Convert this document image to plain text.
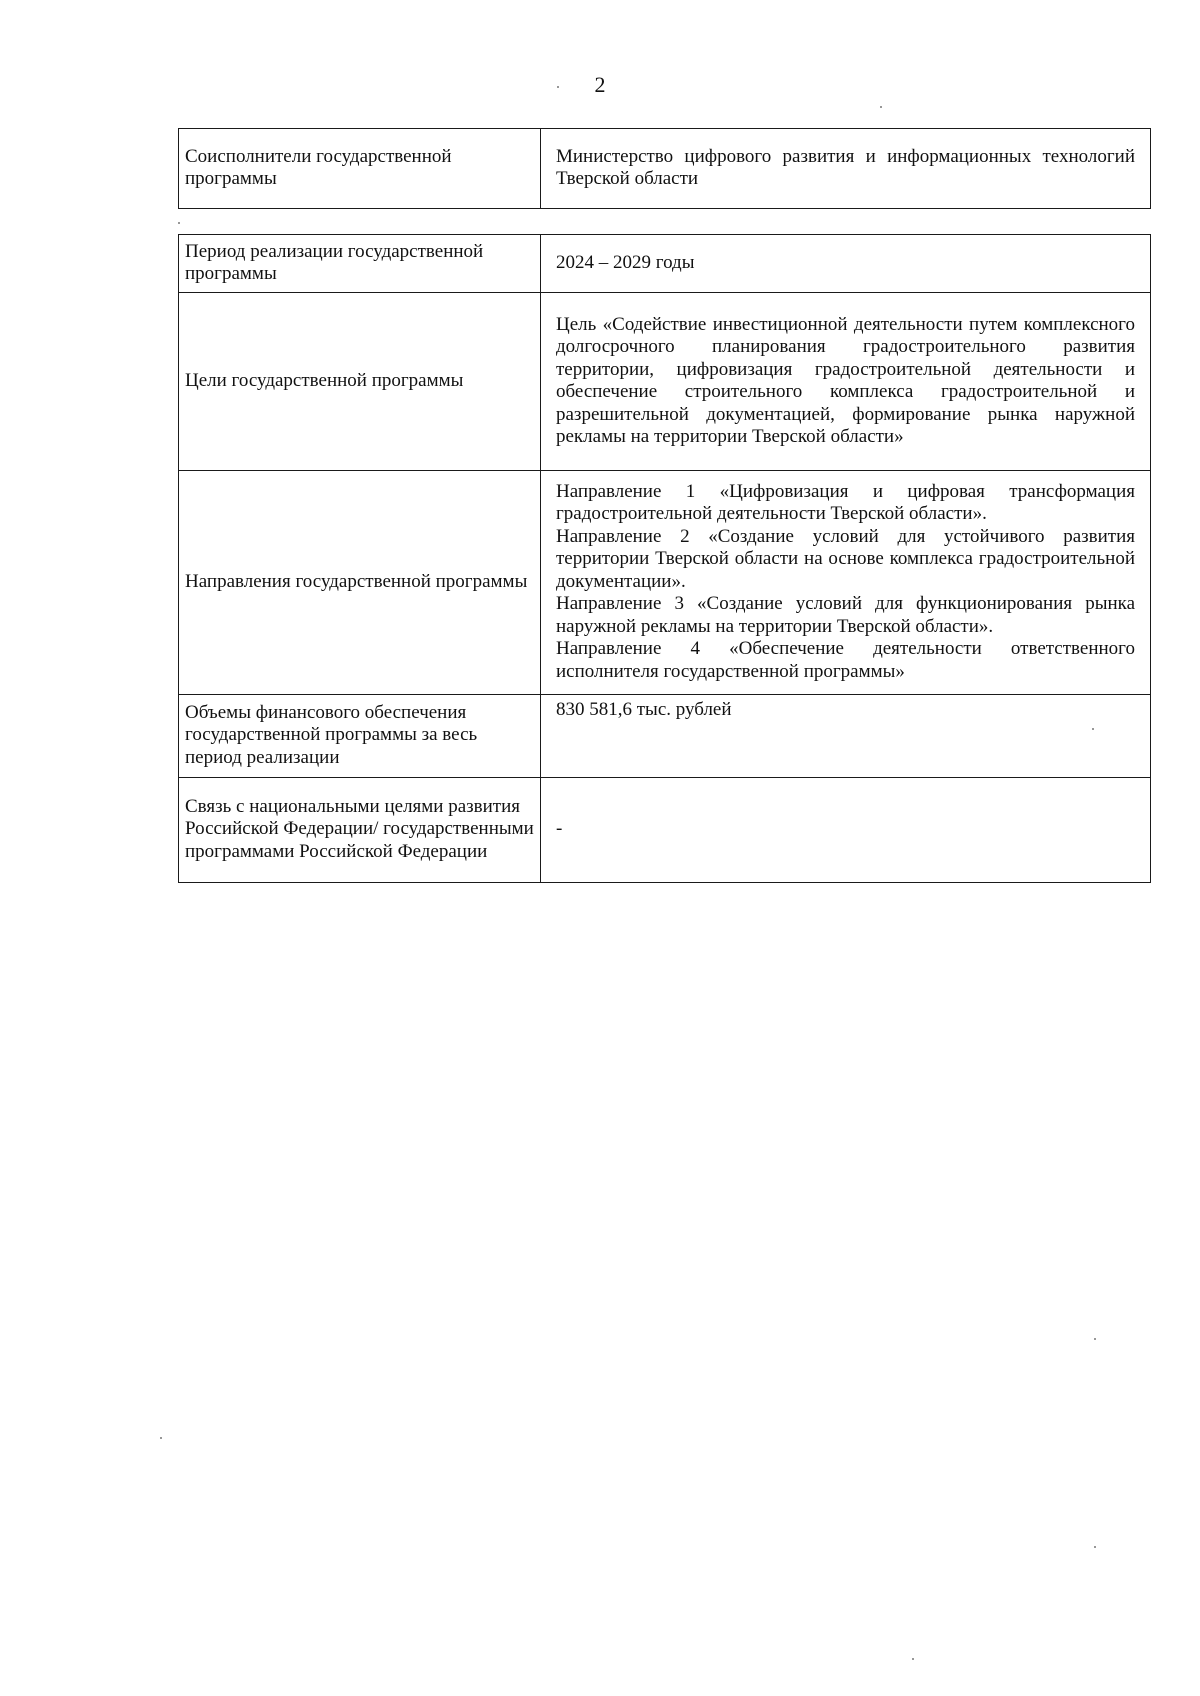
2
Соисполнители государственной программы	Министерство цифрового развития и информационных технологий Тверской области
Период реализации государственной программы	2024 – 2029 годы
Цели государственной программы	Цель «Содействие инвестиционной деятельности путем комплексного долгосрочного планирования градостроительного развития территории, цифровизация градостроительной деятельности и обеспечение строительного комплекса градостроительной и разрешительной документацией, формирование рынка наружной рекламы на территории Тверской области»
Направления государственной программы	Направление 1 «Цифровизация и цифровая трансформация градостроительной деятельности Тверской области».
Направление 2 «Создание условий для устойчивого развития территории Тверской области на основе комплекса градостроительной документации».
Направление 3 «Создание условий для функционирования рынка наружной рекламы на территории Тверской области».
Направление 4 «Обеспечение деятельности ответственного исполнителя государственной программы»

Объемы финансового обеспечения государственной программы за весь период реализации	830 581,6 тыс. рублей
Связь с национальными целями развития Российской Федерации/ государственными программами Российской Федерации	-
